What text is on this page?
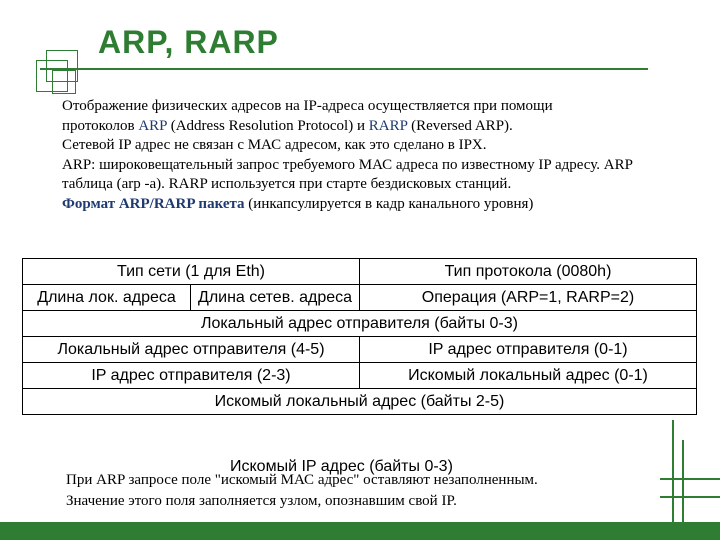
ARP, RARP
Отображение физических адресов на IP-адреса осуществляется при помощи
протоколов ARP (Address Resolution Protocol) и RARP (Reversed ARP).
Сетевой IP адрес не связан с МАС адресом, как это сделано в IPX.
ARP: широковещательный запрос требуемого МАС адреса по известному IP адресу. ARP таблица (arp -a). RARP используется при старте бездисковых станций.
Формат ARP/RARP пакета (инкапсулируется в кадр канального уровня)
Тип сети (1 для Eth)		Тип протокола (0080h)
Длина лок. адреса	Длина сетев. адреса	Операция (ARP=1, RARP=2)
Локальный адрес отправителя (байты 0-3)		
Локальный адрес отправителя (4-5)		IP адрес отправителя (0-1)
IP адрес отправителя (2-3)		Искомый локальный адрес (0-1)
Искомый локальный адрес (байты 2-5)		
При ARP запросе поле "искомый МАС адрес" оставляют незаполненным.
Значение этого поля заполняется узлом, опознавшим свой IP.
Искомый IP адрес (байты 0-3)
